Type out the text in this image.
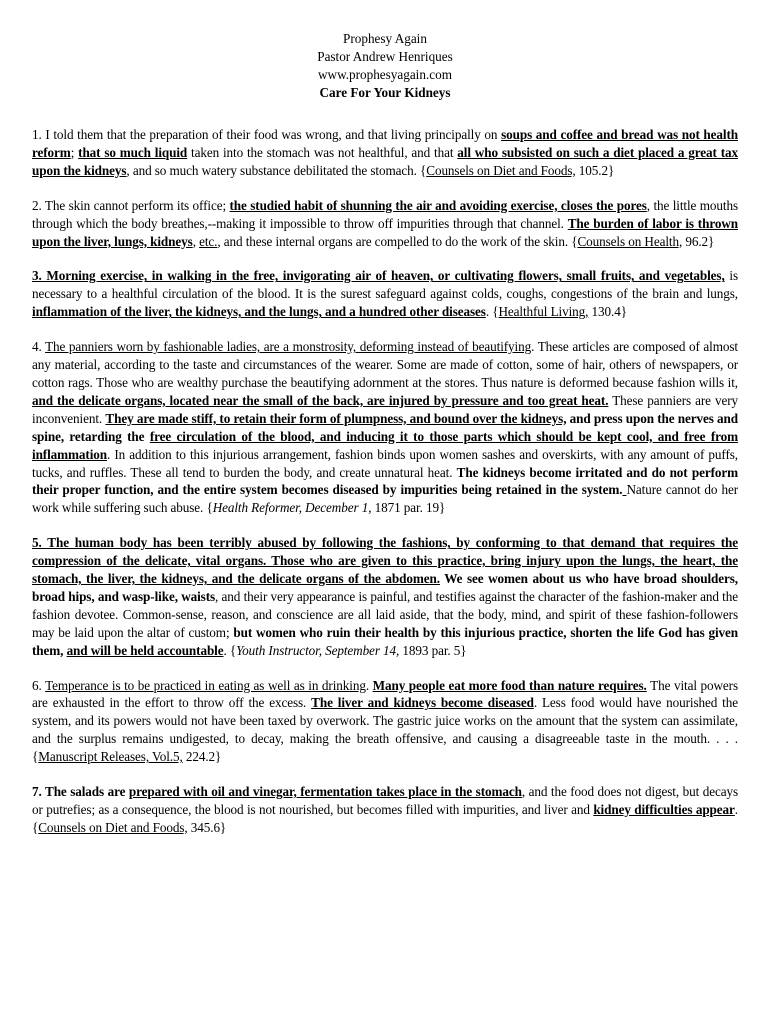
Prophesy Again
Pastor Andrew Henriques
www.prophesyagain.com
Care For Your Kidneys

1. I told them that the preparation of their food was wrong, and that living principally on soups and coffee and bread was not health reform; that so much liquid taken into the stomach was not healthful, and that all who subsisted on such a diet placed a great tax upon the kidneys, and so much watery substance debilitated the stomach. {Counsels on Diet and Foods, 105.2}

2. The skin cannot perform its office; the studied habit of shunning the air and avoiding exercise, closes the pores, the little mouths through which the body breathes,--making it impossible to throw off impurities through that channel. The burden of labor is thrown upon the liver, lungs, kidneys, etc., and these internal organs are compelled to do the work of the skin. {Counsels on Health, 96.2}

3. Morning exercise, in walking in the free, invigorating air of heaven, or cultivating flowers, small fruits, and vegetables, is necessary to a healthful circulation of the blood. It is the surest safeguard against colds, coughs, congestions of the brain and lungs, inflammation of the liver, the kidneys, and the lungs, and a hundred other diseases. {Healthful Living, 130.4}

4. The panniers worn by fashionable ladies, are a monstrosity, deforming instead of beautifying. These articles are composed of almost any material, according to the taste and circumstances of the wearer. Some are made of cotton, some of hair, others of newspapers, or cotton rags. Those who are wealthy purchase the beautifying adornment at the stores. Thus nature is deformed because fashion wills it, and the delicate organs, located near the small of the back, are injured by pressure and too great heat. These panniers are very inconvenient. They are made stiff, to retain their form of plumpness, and bound over the kidneys, and press upon the nerves and spine, retarding the free circulation of the blood, and inducing it to those parts which should be kept cool, and free from inflammation. In addition to this injurious arrangement, fashion binds upon women sashes and overskirts, with any amount of puffs, tucks, and ruffles. These all tend to burden the body, and create unnatural heat. The kidneys become irritated and do not perform their proper function, and the entire system becomes diseased by impurities being retained in the system. Nature cannot do her work while suffering such abuse. {Health Reformer, December 1, 1871 par. 19}

5. The human body has been terribly abused by following the fashions, by conforming to that demand that requires the compression of the delicate, vital organs. Those who are given to this practice, bring injury upon the lungs, the heart, the stomach, the liver, the kidneys, and the delicate organs of the abdomen. We see women about us who have broad shoulders, broad hips, and wasp-like, waists, and their very appearance is painful, and testifies against the character of the fashion-maker and the fashion devotee. Common-sense, reason, and conscience are all laid aside, that the body, mind, and spirit of these fashion-followers may be laid upon the altar of custom; but women who ruin their health by this injurious practice, shorten the life God has given them, and will be held accountable. {Youth Instructor, September 14, 1893 par. 5}

6. Temperance is to be practiced in eating as well as in drinking. Many people eat more food than nature requires. The vital powers are exhausted in the effort to throw off the excess. The liver and kidneys become diseased. Less food would have nourished the system, and its powers would not have been taxed by overwork. The gastric juice works on the amount that the system can assimilate, and the surplus remains undigested, to decay, making the breath offensive, and causing a disagreeable taste in the mouth. . . . {Manuscript Releases, Vol.5, 224.2}

7. The salads are prepared with oil and vinegar, fermentation takes place in the stomach, and the food does not digest, but decays or putrefies; as a consequence, the blood is not nourished, but becomes filled with impurities, and liver and kidney difficulties appear. {Counsels on Diet and Foods, 345.6}
